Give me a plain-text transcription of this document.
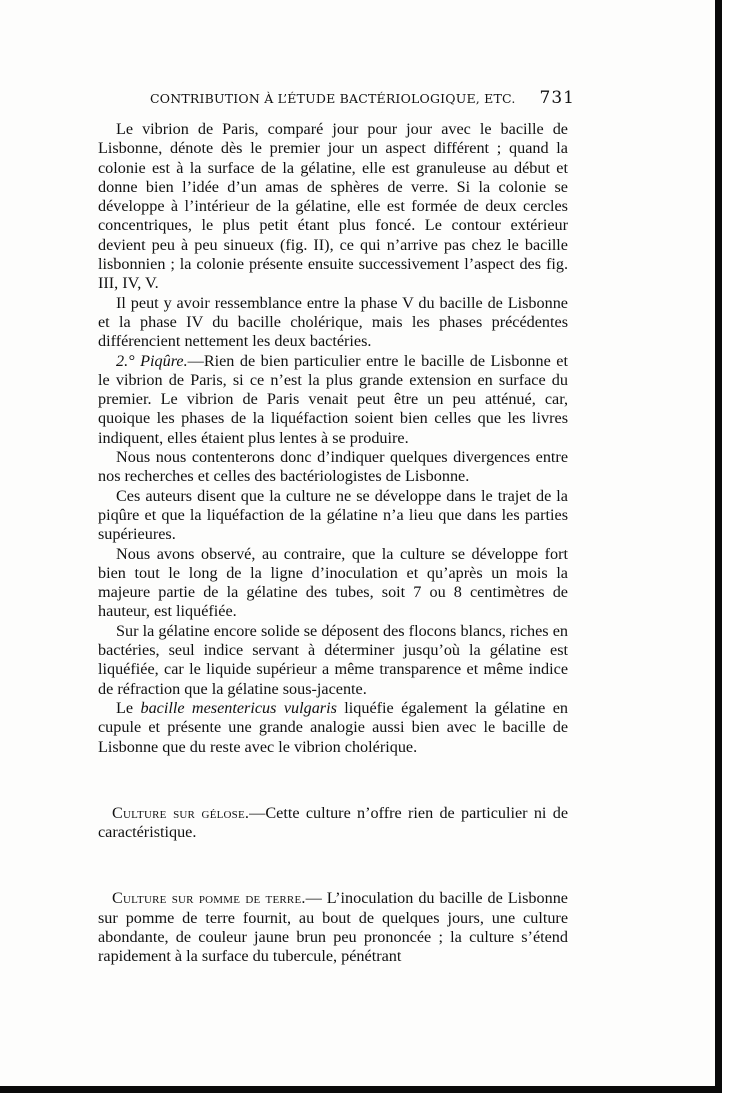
CONTRIBUTION À L’ÉTUDE BACTÉRIOLOGIQUE, ETC. 731

Le vibrion de Paris, comparé jour pour jour avec le bacille de Lisbonne, dénote dès le premier jour un aspect différent ; quand la colonie est à la surface de la gélatine, elle est granuleuse au début et donne bien l’idée d’un amas de sphères de verre. Si la colonie se développe à l’intérieur de la gélatine, elle est formée de deux cercles concentriques, le plus petit étant plus foncé. Le contour extérieur devient peu à peu sinueux (fig. II), ce qui n’arrive pas chez le bacille lisbonnien ; la colonie présente ensuite successivement l’aspect des fig. III, IV, V.

Il peut y avoir ressemblance entre la phase V du bacille de Lisbonne et la phase IV du bacille cholérique, mais les phases précédentes différencient nettement les deux bactéries.

2.° Piqûre.—Rien de bien particulier entre le bacille de Lisbonne et le vibrion de Paris, si ce n’est la plus grande extension en surface du premier. Le vibrion de Paris venait peut être un peu atténué, car, quoique les phases de la liquéfaction soient bien celles que les livres indiquent, elles étaient plus lentes à se produire.

Nous nous contenterons donc d’indiquer quelques divergences entre nos recherches et celles des bactériologistes de Lisbonne.

Ces auteurs disent que la culture ne se développe dans le trajet de la piqûre et que la liquéfaction de la gélatine n’a lieu que dans les parties supérieures.

Nous avons observé, au contraire, que la culture se développe fort bien tout le long de la ligne d’inoculation et qu’après un mois la majeure partie de la gélatine des tubes, soit 7 ou 8 centimètres de hauteur, est liquéfiée.

Sur la gélatine encore solide se déposent des flocons blancs, riches en bactéries, seul indice servant à déterminer jusqu’où la gélatine est liquéfiée, car le liquide supérieur a même transparence et même indice de réfraction que la gélatine sous-jacente.

Le bacille mesentericus vulgaris liquéfie également la gélatine en cupule et présente une grande analogie aussi bien avec le bacille de Lisbonne que du reste avec le vibrion cholérique.

Culture sur gélose.—Cette culture n’offre rien de particulier ni de caractéristique.

Culture sur pomme de terre.— L’inoculation du bacille de Lisbonne sur pomme de terre fournit, au bout de quelques jours, une culture abondante, de couleur jaune brun peu prononcée ; la culture s’étend rapidement à la surface du tubercule, pénétrant
